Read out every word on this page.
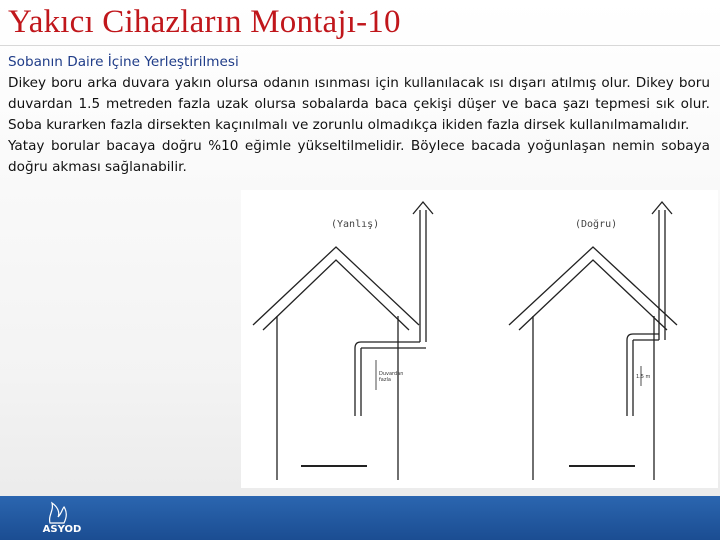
Yakıcı Cihazların Montajı-10

Sobanın Daire İçine Yerleştirilmesi

Dikey boru arka duvara yakın olursa odanın ısınması için kullanılacak ısı dışarı atılmış olur. Dikey boru duvardan 1.5 metreden fazla uzak olursa sobalarda baca çekişi düşer ve baca şazı tepmesi sık olur. Soba kurarken fazla dirsekten kaçınılmalı ve zorunlu olmadıkça ikiden fazla dirsek kullanılmamalıdır.

Yatay borular bacaya doğru %10 eğimle yükseltilmelidir. Böylece bacada yoğunlaşan nemin sobaya doğru akması sağlanabilir.

(Yanlış)	(Doğru)
Duvardan fazla	1.5 m
ASYOD
